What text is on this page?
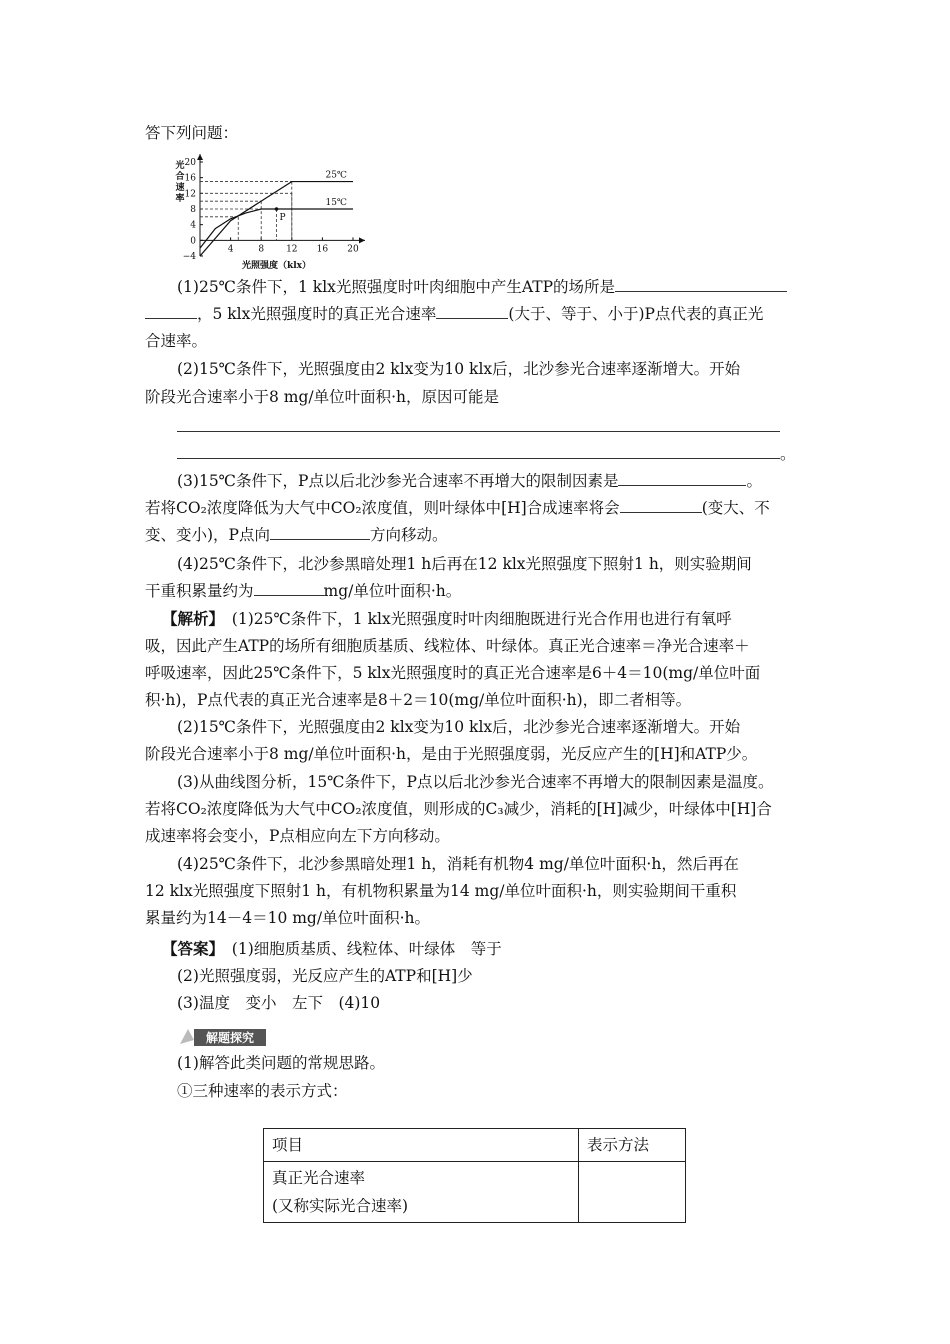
答下列问题：
光
合
速
率
−4
0
4
8
12
16
20
4	8 12 16 20
光照强度（klx）
25℃
15℃
P
(1)25℃条件下，1 klx光照强度时叶肉细胞中产生ATP的场所是
，5 klx光照强度时的真正光合速率	(大于、等于、小于)P点代表的真正光
合速率。
(2)15℃条件下，光照强度由2 klx变为10 klx后，北沙参光合速率逐渐增大。开始
阶段光合速率小于8 mg/单位叶面积·h，原因可能是
。
(3)15℃条件下，P点以后北沙参光合速率不再增大的限制因素是	。
若将CO₂浓度降低为大气中CO₂浓度值，则叶绿体中[H]合成速率将会	(变大、不
变、变小)，P点向	方向移动。
(4)25℃条件下，北沙参黑暗处理1 h后再在12 klx光照强度下照射1 h，则实验期间
干重积累量约为	mg/单位叶面积·h。
【解析】　 (1)25℃条件下，1 klx光照强度时叶肉细胞既进行光合作用也进行有氧呼
吸，因此产生ATP的场所有细胞质基质、线粒体、叶绿体。真正光合速率＝净光合速率＋
呼吸速率，因此25℃条件下，5 klx光照强度时的真正光合速率是6＋4＝10(mg/单位叶面
积·h)，P点代表的真正光合速率是8＋2＝10(mg/单位叶面积·h)，即二者相等。
(2)15℃条件下，光照强度由2 klx变为10 klx后，北沙参光合速率逐渐增大。开始
阶段光合速率小于8 mg/单位叶面积·h，是由于光照强度弱，光反应产生的[H]和ATP少。
(3)从曲线图分析，15℃条件下，P点以后北沙参光合速率不再增大的限制因素是温度。
若将CO₂浓度降低为大气中CO₂浓度值，则形成的C₃减少，消耗的[H]减少，叶绿体中[H]合
成速率将会变小，P点相应向左下方向移动。
(4)25℃条件下，北沙参黑暗处理1 h，消耗有机物4 mg/单位叶面积·h，然后再在
12 klx光照强度下照射1 h，有机物积累量为14 mg/单位叶面积·h，则实验期间干重积
累量约为14－4＝10 mg/单位叶面积·h。
【答案】　 (1)细胞质基质、线粒体、叶绿体　等于
(2)光照强度弱，光反应产生的ATP和[H]少
(3)温度　变小　左下　(4)10
解题探究
(1)解答此类问题的常规思路。
①三种速率的表示方式：
项目	表示方法

真正光合速率
(又称实际光合速率)	
